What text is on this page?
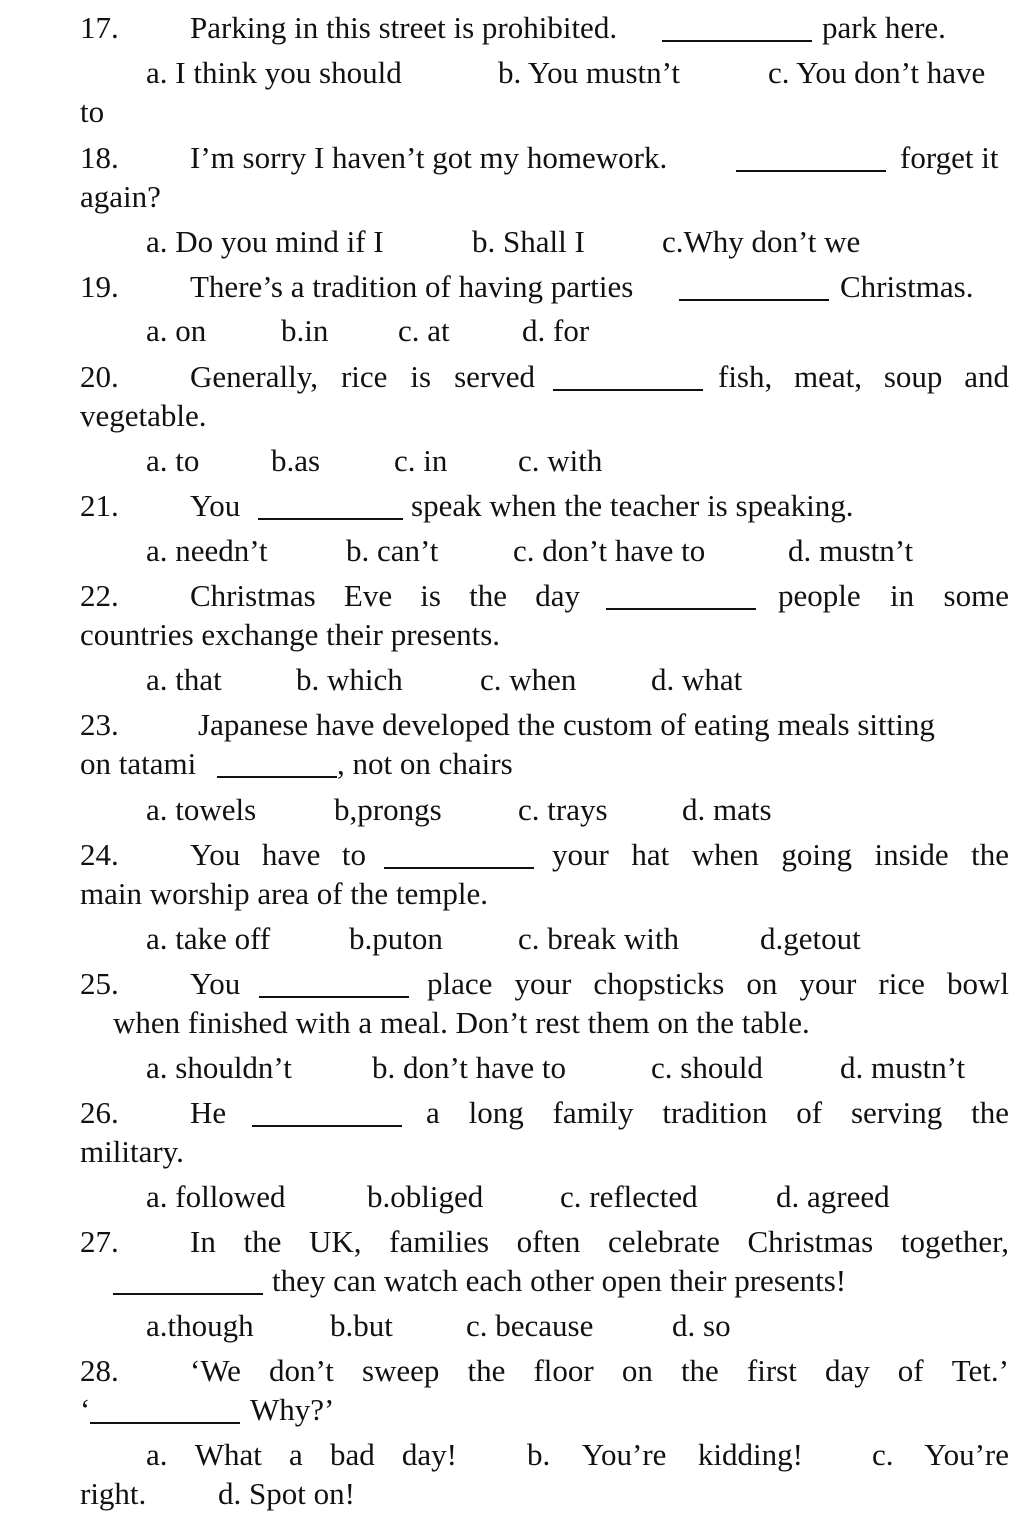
17. Parking in this street is prohibited.	park here.
a. I think you should	b. You mustn’t	c. You don’t have
to
18. I’m sorry I haven’t got my homework.	forget it
again?
a. Do you mind if I	b. Shall I c.Why don’t we
19. There’s a tradition of having parties	Christmas.
a. on b.in c. at d. for
20. Generally, rice is served	fish, meat, soup and
vegetable.
a. to b.as c. in c. with
21. You	speak when the teacher is speaking.
a. needn’t	b. can’t c. don’t have to	d. mustn’t
22. Christmas Eve is the day	people in some
countries exchange their presents.
a. that b. which c. when d. what
23.	Japanese have developed the custom of eating meals sitting
on tatami	, not on chairs
a. towels	b,prongs c. trays d. mats
24. You have to	your hat when going inside the
main worship area of the temple.
a. take off	b.puton c. break with	d.getout
25. You	place your chopsticks on your rice bowl
when finished with a meal. Don’t rest them on the table.
a. shouldn’t	b. don’t have to	c. should d. mustn’t
26. He	a long family tradition of serving the
military.
a. followed	b.obliged c. reflected	d. agreed
27. In the UK, families often celebrate Christmas together,
they can watch each other open their presents!
a.though b.but c. because	d. so
28. ‘We don’t sweep the floor on the first day of Tet.’
‘	Why?’
a. What a bad day! b. You’re kidding! c. You’re
right. d. Spot on!
